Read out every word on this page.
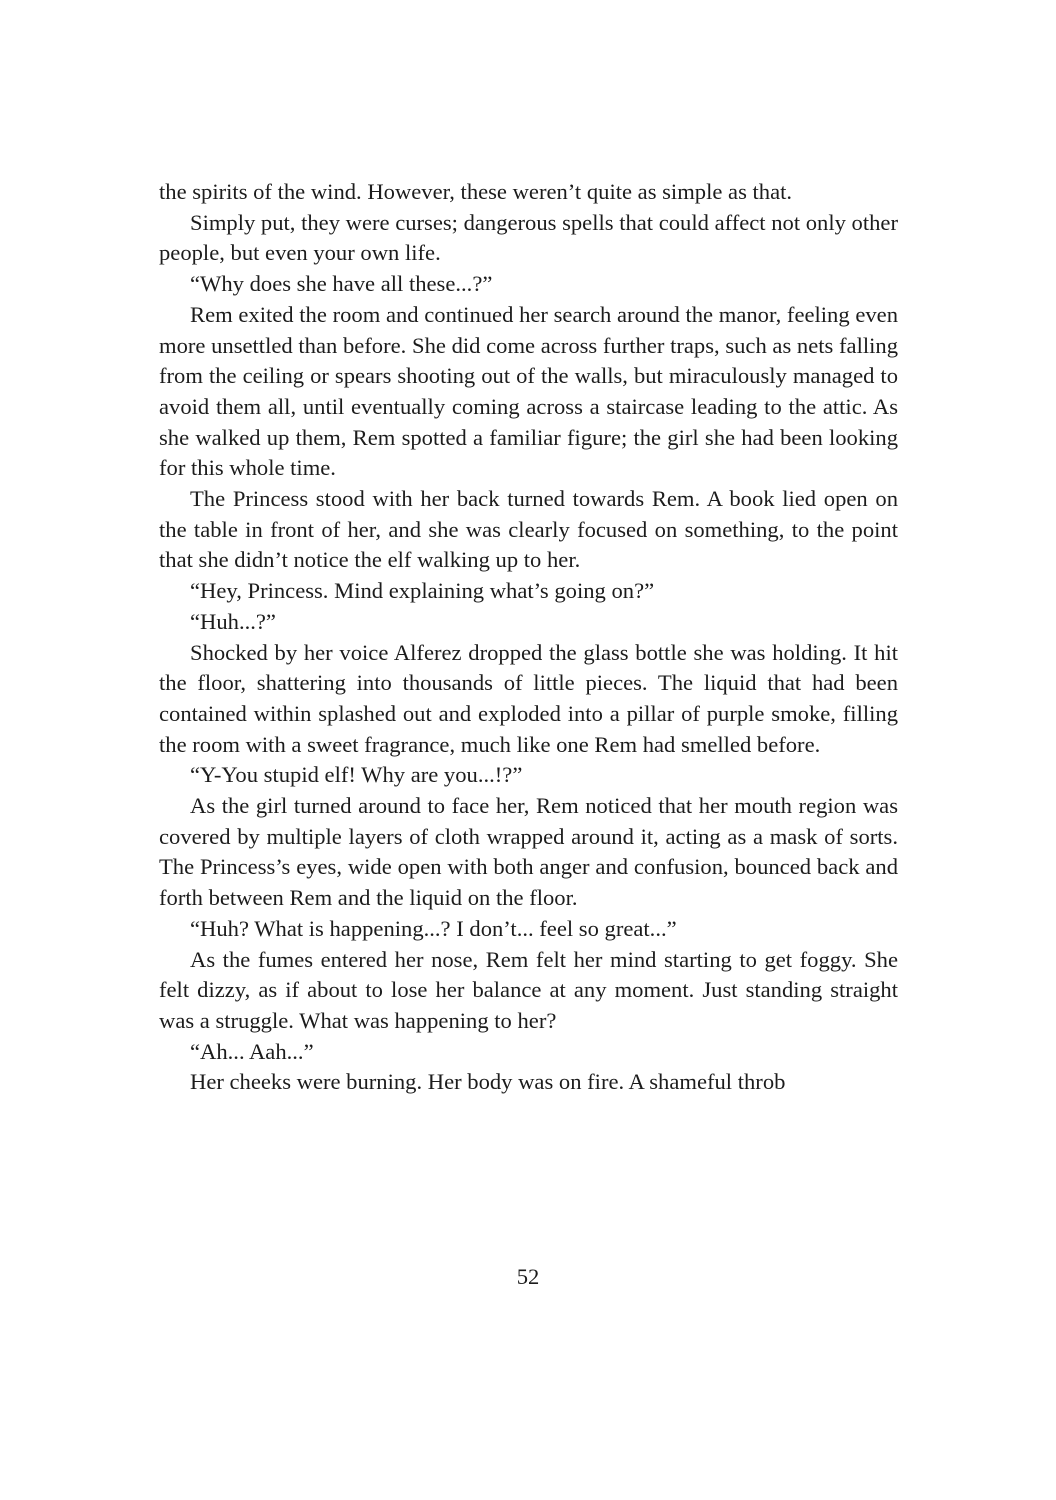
the spirits of the wind. However, these weren’t quite as simple as that.

Simply put, they were curses; dangerous spells that could affect not only other people, but even your own life.

“Why does she have all these...?”

Rem exited the room and continued her search around the manor, feeling even more unsettled than before. She did come across further traps, such as nets falling from the ceiling or spears shooting out of the walls, but miraculously managed to avoid them all, until eventually coming across a staircase leading to the attic. As she walked up them, Rem spotted a familiar figure; the girl she had been looking for this whole time.

The Princess stood with her back turned towards Rem. A book lied open on the table in front of her, and she was clearly focused on something, to the point that she didn’t notice the elf walking up to her.

“Hey, Princess. Mind explaining what’s going on?”

“Huh...?”

Shocked by her voice Alferez dropped the glass bottle she was holding. It hit the floor, shattering into thousands of little pieces. The liquid that had been contained within splashed out and exploded into a pillar of purple smoke, filling the room with a sweet fragrance, much like one Rem had smelled before.

“Y-You stupid elf! Why are you...!?”

As the girl turned around to face her, Rem noticed that her mouth region was covered by multiple layers of cloth wrapped around it, acting as a mask of sorts. The Princess’s eyes, wide open with both anger and confusion, bounced back and forth between Rem and the liquid on the floor.

“Huh? What is happening...? I don’t... feel so great...”

As the fumes entered her nose, Rem felt her mind starting to get foggy. She felt dizzy, as if about to lose her balance at any moment. Just standing straight was a struggle. What was happening to her?

“Ah... Aah...”

Her cheeks were burning. Her body was on fire. A shameful throb

52
